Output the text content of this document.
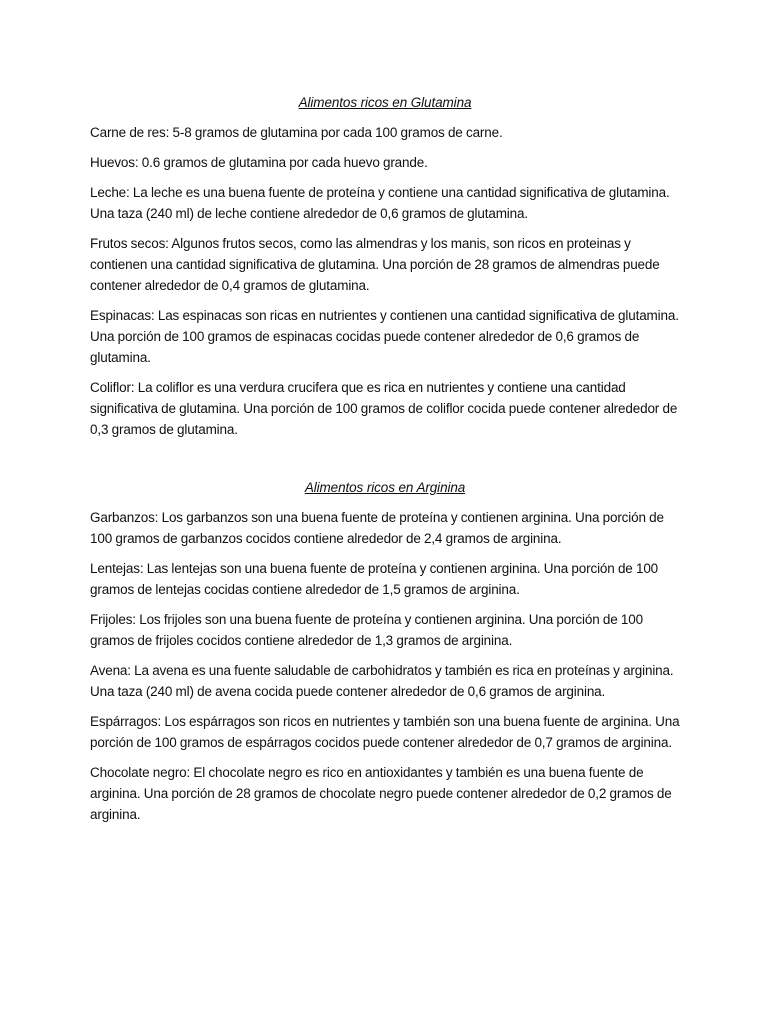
Alimentos ricos en Glutamina

Carne de res: 5-8 gramos de glutamina por cada 100 gramos de carne.

Huevos: 0.6 gramos de glutamina por cada huevo grande.

Leche: La leche es una buena fuente de proteína y contiene una cantidad significativa de glutamina. Una taza (240 ml) de leche contiene alrededor de 0,6 gramos de glutamina.

Frutos secos: Algunos frutos secos, como las almendras y los manis, son ricos en proteinas y contienen una cantidad significativa de glutamina. Una porción de 28 gramos de almendras puede contener alrededor de 0,4 gramos de glutamina.

Espinacas: Las espinacas son ricas en nutrientes y contienen una cantidad significativa de glutamina. Una porción de 100 gramos de espinacas cocidas puede contener alrededor de 0,6 gramos de glutamina.

Coliflor: La coliflor es una verdura crucifera que es rica en nutrientes y contiene una cantidad significativa de glutamina. Una porción de 100 gramos de coliflor cocida puede contener alrededor de 0,3 gramos de glutamina.

Alimentos ricos en Arginina

Garbanzos: Los garbanzos son una buena fuente de proteína y contienen arginina. Una porción de 100 gramos de garbanzos cocidos contiene alrededor de 2,4 gramos de arginina.

Lentejas: Las lentejas son una buena fuente de proteína y contienen arginina. Una porción de 100 gramos de lentejas cocidas contiene alrededor de 1,5 gramos de arginina.

Frijoles: Los frijoles son una buena fuente de proteína y contienen arginina. Una porción de 100 gramos de frijoles cocidos contiene alrededor de 1,3 gramos de arginina.

Avena: La avena es una fuente saludable de carbohidratos y también es rica en proteínas y arginina. Una taza (240 ml) de avena cocida puede contener alrededor de 0,6 gramos de arginina.

Espárragos: Los espárragos son ricos en nutrientes y también son una buena fuente de arginina. Una porción de 100 gramos de espárragos cocidos puede contener alrededor de 0,7 gramos de arginina.

Chocolate negro: El chocolate negro es rico en antioxidantes y también es una buena fuente de arginina. Una porción de 28 gramos de chocolate negro puede contener alrededor de 0,2 gramos de arginina.
